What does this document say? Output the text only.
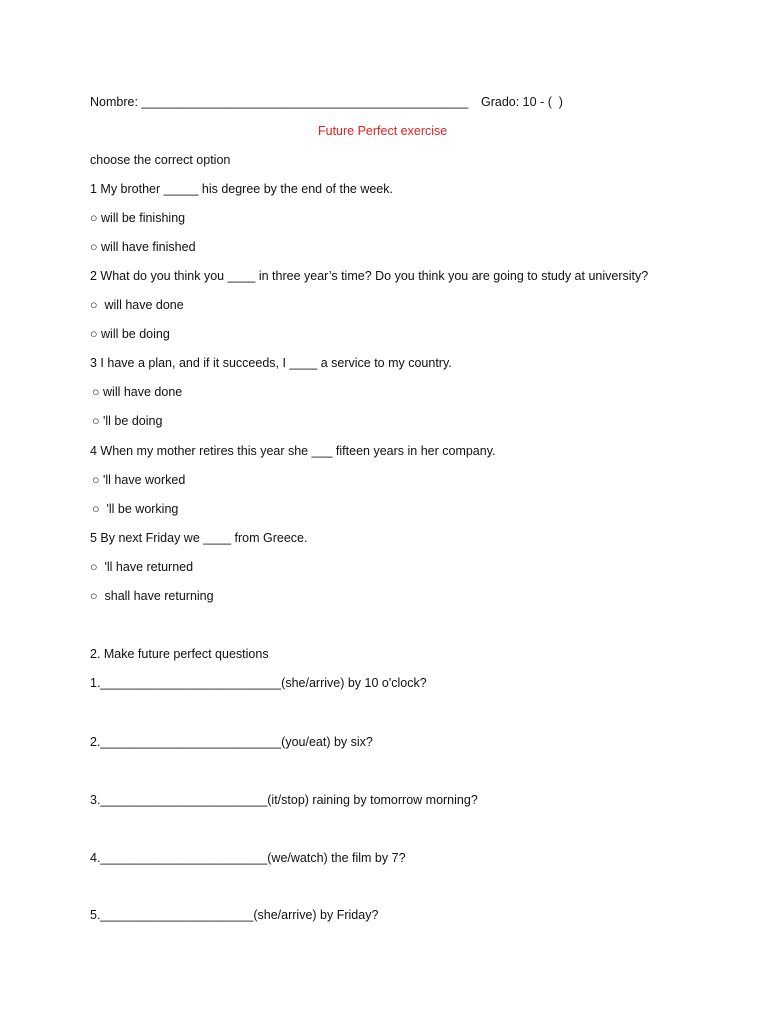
Nombre: _______________________________________________ Grado: 10 - (  )
Future Perfect exercise
choose the correct option
1 My brother _____ his degree by the end of the week.
○ will be finishing
○ will have finished
2 What do you think you ____ in three year’s time? Do you think you are going to study at university?
○  will have done
○ will be doing
3 I have a plan, and if it succeeds, I ____ a service to my country.
○ will have done
○ 'll be doing
4 When my mother retires this year she ___ fifteen years in her company.
○ 'll have worked
○  'll be working
5 By next Friday we ____ from Greece.
○  'll have returned
○  shall have returning
2. Make future perfect questions
1.__________________________(she/arrive) by 10 o'clock?
2.__________________________(you/eat) by six?
3.________________________(it/stop) raining by tomorrow morning?
4.________________________(we/watch) the film by 7?
5.______________________(she/arrive) by Friday?
